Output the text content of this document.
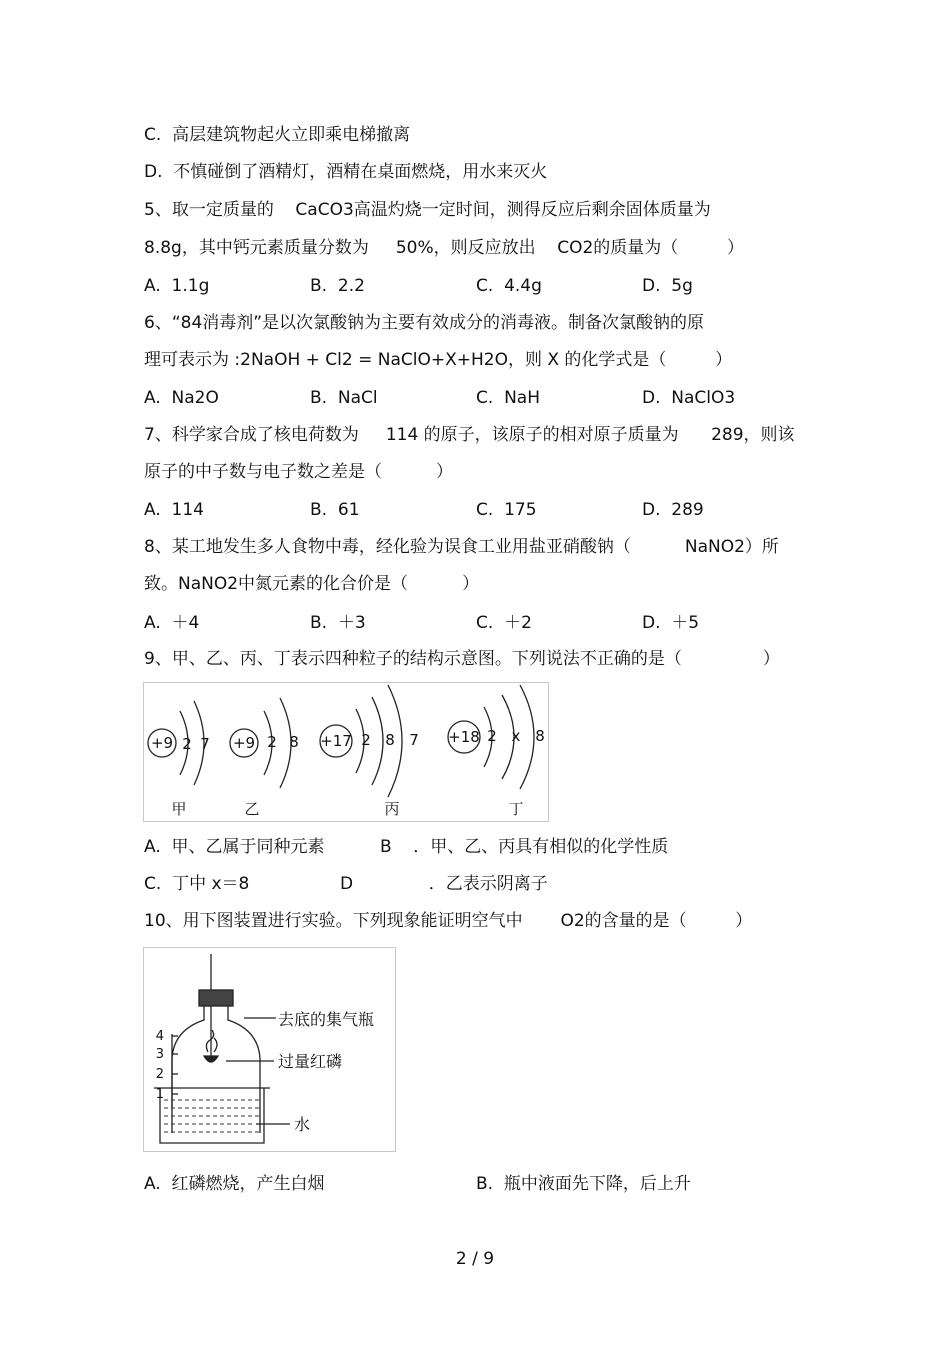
C.  高层建筑物起火立即乘电梯撤离
D.  不慎碰倒了酒精灯，酒精在桌面燃烧，用水来灭火
5、取一定质量的    CaCO3高温灼烧一定时间，测得反应后剩余固体质量为
8.8g，其中钙元素质量分数为     50%，则反应放出    CO2的质量为（         ）
A.  1.1g	B.  2.2	C.  4.4g	D.  5g
6、“84消毒剂”是以次氯酸钠为主要有效成分的消毒液。制备次氯酸钠的原
理可表示为 :2NaOH + Cl2 = NaClO+X+H2O，则 X 的化学式是（         ）
A.  Na2O	B.  NaCl	C.  NaH	D.  NaClO3
7、科学家合成了核电荷数为     114 的原子，该原子的相对原子质量为      289，则该
原子的中子数与电子数之差是（          ）
A.  114	B.  61	C.  175	D.  289
8、某工地发生多人食物中毒，经化验为误食工业用盐亚硝酸钠（          NaNO2）所
致。NaNO2中氮元素的化合价是（          ）
A.  ＋4	B.  ＋3	C.  ＋2	D.  ＋5
9、甲、乙、丙、丁表示四种粒子的结构示意图。下列说法不正确的是（               ）
+9 2 7
甲
+9 2 8
乙
+17 2 8 7
丙
+18 2 x 8
丁
A.  甲、乙属于同种元素	B    ．甲、乙、丙具有相似的化学性质
C.  丁中 x＝8	D              ．乙表示阴离子
10、用下图装置进行实验。下列现象能证明空气中       O2的含量的是（         ）
4
3
2
1
去底的集气瓶
过量红磷
水
A.  红磷燃烧，产生白烟	B.  瓶中液面先下降，后上升
2 / 9
